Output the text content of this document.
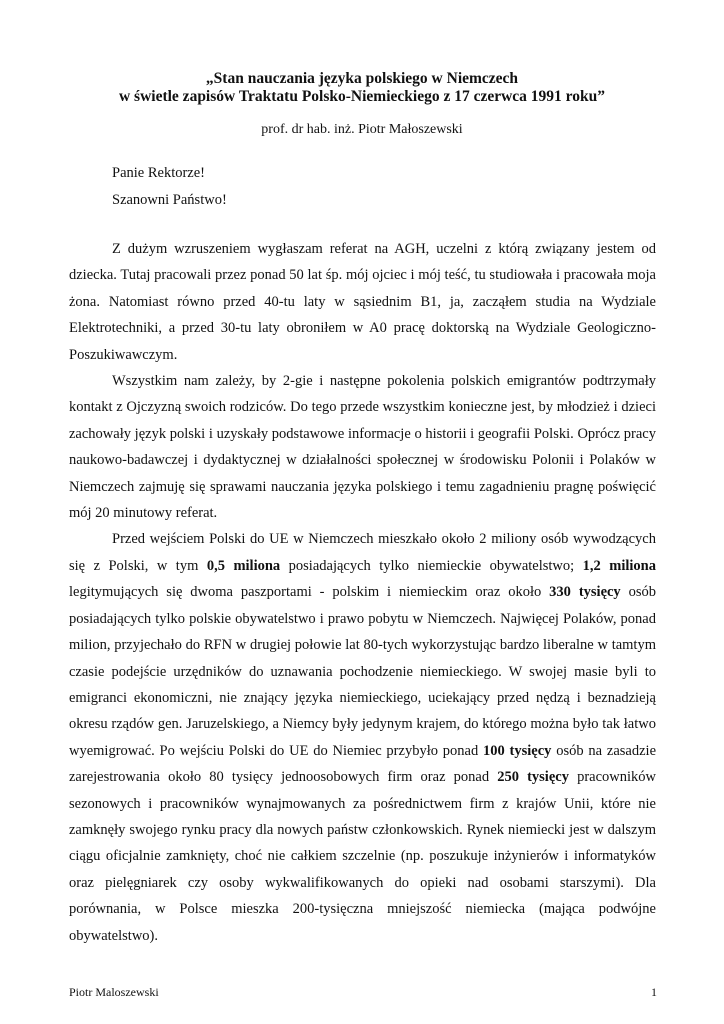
„Stan nauczania języka polskiego w Niemczech
w świetle zapisów Traktatu Polsko-Niemieckiego z 17 czerwca 1991 roku”
prof. dr hab. inż. Piotr Małoszewski
Panie Rektorze!
Szanowni Państwo!

Z dużym wzruszeniem wygłaszam referat na AGH, uczelni z którą związany jestem od dziecka. Tutaj pracowali przez ponad 50 lat śp. mój ojciec i mój teść, tu studiowała i pracowała moja żona. Natomiast równo przed 40-tu laty w sąsiednim B1, ja, zacząłem studia na Wydziale Elektrotechniki, a przed 30-tu laty obroniłem w A0 pracę doktorską na Wydziale Geologiczno-Poszukiwawczym.

Wszystkim nam zależy, by 2-gie i następne pokolenia polskich emigrantów podtrzymały kontakt z Ojczyzną swoich rodziców. Do tego przede wszystkim konieczne jest, by młodzież i dzieci zachowały język polski i uzyskały podstawowe informacje o historii i geografii Polski. Oprócz pracy naukowo-badawczej i dydaktycznej w działalności społecznej w środowisku Polonii i Polaków w Niemczech zajmuję się sprawami nauczania języka polskiego i temu zagadnieniu pragnę poświęcić mój 20 minutowy referat.

Przed wejściem Polski do UE w Niemczech mieszkało około 2 miliony osób wywodzących się z Polski, w tym 0,5 miliona posiadających tylko niemieckie obywatelstwo; 1,2 miliona legitymujących się dwoma paszportami - polskim i niemieckim oraz około 330 tysięcy osób posiadających tylko polskie obywatelstwo i prawo pobytu w Niemczech. Najwięcej Polaków, ponad milion, przyjechało do RFN w drugiej połowie lat 80-tych wykorzystując bardzo liberalne w tamtym czasie podejście urzędników do uznawania pochodzenie niemieckiego. W swojej masie byli to emigranci ekonomiczni, nie znający języka niemieckiego, uciekający przed nędzą i beznadzieją okresu rządów gen. Jaruzelskiego, a Niemcy były jedynym krajem, do którego można było tak łatwo wyemigrować. Po wejściu Polski do UE do Niemiec przybyło ponad 100 tysięcy osób na zasadzie zarejestrowania około 80 tysięcy jednoosobowych firm oraz ponad 250 tysięcy pracowników sezonowych i pracowników wynajmowanych za pośrednictwem firm z krajów Unii, które nie zamknęły swojego rynku pracy dla nowych państw członkowskich. Rynek niemiecki jest w dalszym ciągu oficjalnie zamknięty, choć nie całkiem szczelnie (np. poszukuje inżynierów i informatyków oraz pielęgniarek czy osoby wykwalifikowanych do opieki nad osobami starszymi). Dla porównania, w Polsce mieszka 200-tysięczna mniejszość niemiecka (mająca podwójne obywatelstwo).

Piotr Maloszewski	1
